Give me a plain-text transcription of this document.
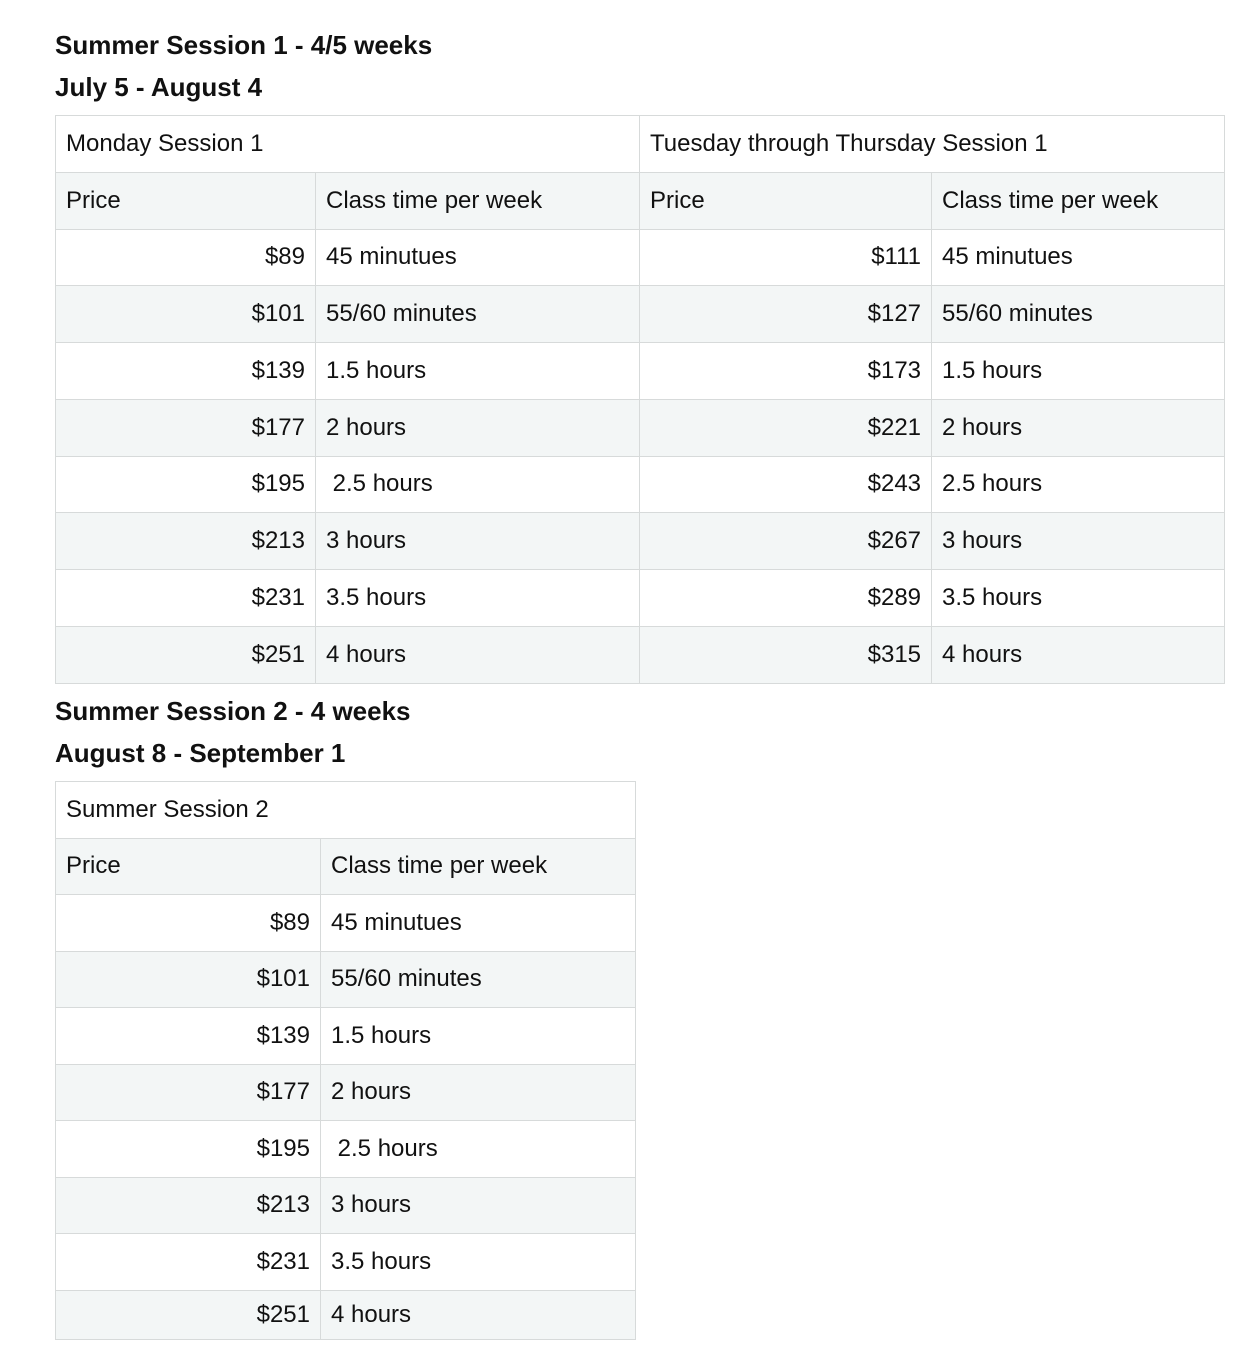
Summer Session 1 - 4/5 weeks
July 5 - August 4
Monday Session 1		Tuesday through Thursday Session 1	
Price	Class time per week	Price	Class time per week
$89	45 minutues	$111	45 minutues
$101	55/60 minutes	$127	55/60 minutes
$139	1.5 hours	$173	1.5 hours
$177	2 hours	$221	2 hours
$195	2.5 hours	$243	2.5 hours
$213	3 hours	$267	3 hours
$231	3.5 hours	$289	3.5 hours
$251	4 hours	$315	4 hours
Summer Session 2 - 4 weeks
August 8 - September 1
Summer Session 2	
Price	Class time per week
$89	45 minutues
$101	55/60 minutes
$139	1.5 hours
$177	2 hours
$195	2.5 hours
$213	3 hours
$231	3.5 hours
$251	4 hours
